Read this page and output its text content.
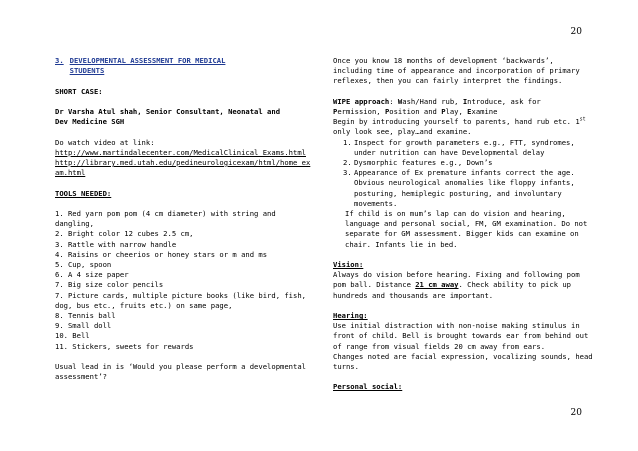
20
3. DEVELOPMENTAL ASSESSMENT FOR MEDICAL
STUDENTS
SHORT CASE:
Dr Varsha Atul shah, Senior Consultant, Neonatal and
Dev Medicine SGH
Do watch video at link:
http://www.martindalecenter.com/MedicalClinical_Exams.html
http://library.med.utah.edu/pedineurologicexam/html/home_exam.html
TOOLS NEEDED:
1. Red yarn pom pom (4 cm diameter) with string and dangling,
2. Bright color 12 cubes 2.5 cm,
3. Rattle with narrow handle
4. Raisins or cheerios or honey stars or m and ms
5. Cup, spoon
6. A 4 size paper
7. Big size color pencils
7. Picture cards, multiple picture books (like bird, fish, dog, bus etc., fruits etc.) on same page,
8. Tennis ball
9. Small doll
10. Bell
11. Stickers, sweets for rewards
Usual lead in is ‘Would you please perform a developmental assessment’?
Once you know 18 months of development ‘backwards’, including time of appearance and incorporation of primary reflexes, then you can fairly interpret the findings.
WIPE approach: Wash/Hand rub, Introduce, ask for
Permission, Position and Play, Examine
Begin by introducing yourself to parents, hand rub etc. 1st
only look see, play…and examine.
1. Inspect for growth parameters e.g., FTT, syndromes, under nutrition can have Developmental delay
2. Dysmorphic features e.g., Down’s
3. Appearance of Ex premature infants correct the age. Obvious neurological anomalies like floppy infants, posturing, hemiplegic posturing, and involuntary movements.
If child is on mum’s lap can do vision and hearing, language and personal social, FM, GM examination. Do not separate for GM assessment. Bigger kids can examine on chair. Infants lie in bed.
Vision:
Always do vision before hearing. Fixing and following pom pom ball. Distance 21 cm away. Check ability to pick up hundreds and thousands are important.
Hearing:
Use initial distraction with non-noise making stimulus in front of child. Bell is brought towards ear from behind out of range from visual fields 20 cm away from ears.
Changes noted are facial expression, vocalizing sounds, head turns.
Personal social:
20
